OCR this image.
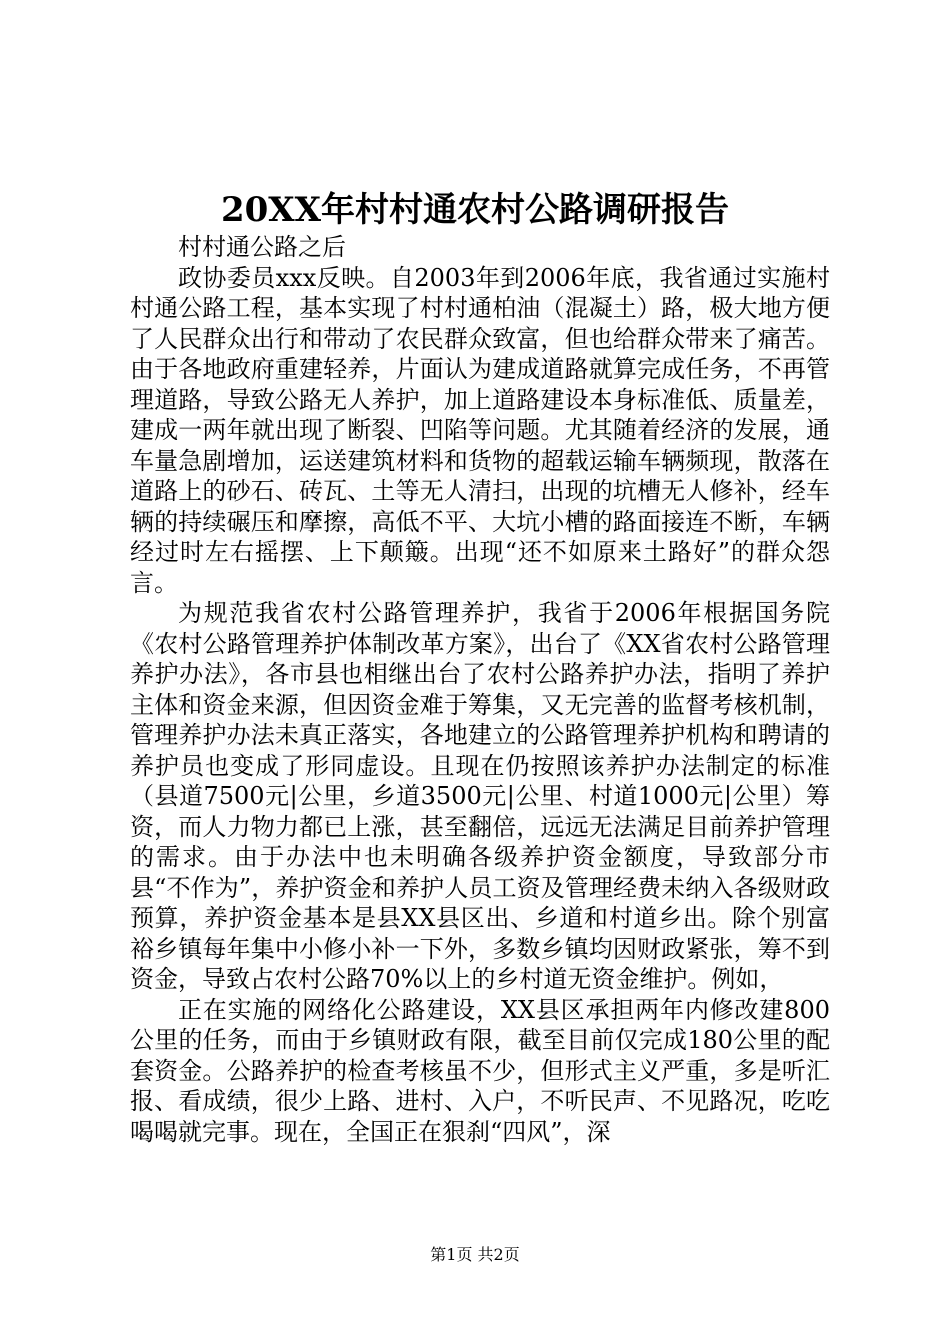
20XX年村村通农村公路调研报告

村村通公路之后

政协委员xxx反映。自2003年到2006年底，我省通过实施村村通公路工程，基本实现了村村通柏油（混凝土）路，极大地方便了人民群众出行和带动了农民群众致富，但也给群众带来了痛苦。由于各地政府重建轻养，片面认为建成道路就算完成任务，不再管理道路，导致公路无人养护，加上道路建设本身标准低、质量差，建成一两年就出现了断裂、凹陷等问题。尤其随着经济的发展，通车量急剧增加，运送建筑材料和货物的超载运输车辆频现，散落在道路上的砂石、砖瓦、土等无人清扫，出现的坑槽无人修补，经车辆的持续碾压和摩擦，高低不平、大坑小槽的路面接连不断，车辆经过时左右摇摆、上下颠簸。出现“还不如原来土路好”的群众怨言。

为规范我省农村公路管理养护，我省于2006年根据国务院《农村公路管理养护体制改革方案》，出台了《XX省农村公路管理养护办法》，各市县也相继出台了农村公路养护办法，指明了养护主体和资金来源，但因资金难于筹集，又无完善的监督考核机制，管理养护办法未真正落实，各地建立的公路管理养护机构和聘请的养护员也变成了形同虚设。且现在仍按照该养护办法制定的标准（县道7500元|公里，乡道3500元|公里、村道1000元|公里）筹资，而人力物力都已上涨，甚至翻倍，远远无法满足目前养护管理的需求。由于办法中也未明确各级养护资金额度，导致部分市县“不作为”，养护资金和养护人员工资及管理经费未纳入各级财政预算，养护资金基本是县XX县区出、乡道和村道乡出。除个别富裕乡镇每年集中小修小补一下外，多数乡镇均因财政紧张，筹不到资金，导致占农村公路70%以上的乡村道无资金维护。例如，

正在实施的网络化公路建设，XX县区承担两年内修改建800公里的任务，而由于乡镇财政有限，截至目前仅完成180公里的配套资金。公路养护的检查考核虽不少，但形式主义严重，多是听汇报、看成绩，很少上路、进村、入户，不听民声、不见路况，吃吃喝喝就完事。现在，全国正在狠刹“四风”，深

第1页 共2页
